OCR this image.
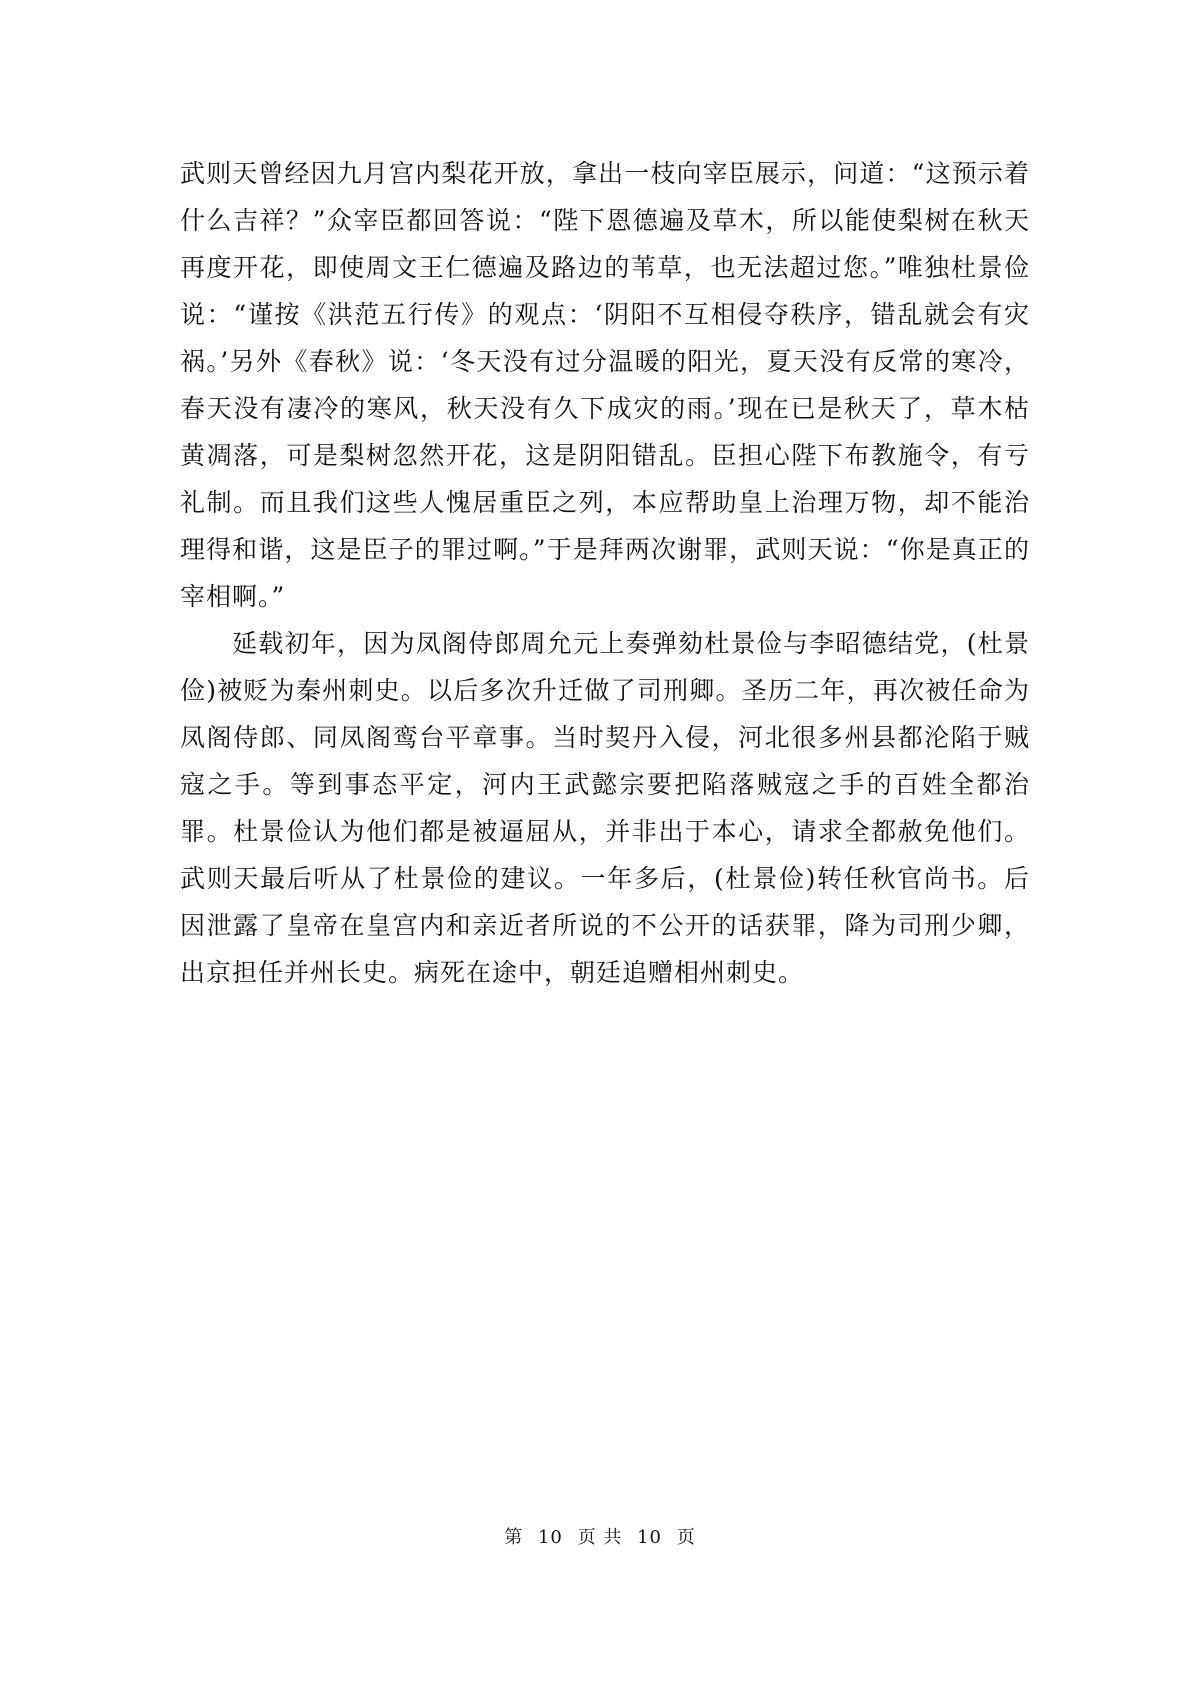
武则天曾经因九月宫内梨花开放，拿出一枝向宰臣展示，问道：“这预示着什么吉祥？”众宰臣都回答说：“陛下恩德遍及草木，所以能使梨树在秋天再度开花，即使周文王仁德遍及路边的苇草，也无法超过您。”唯独杜景俭说：“谨按《洪范五行传》的观点：‘阴阳不互相侵夺秩序，错乱就会有灾祸。’另外《春秋》说：‘冬天没有过分温暖的阳光，夏天没有反常的寒冷，春天没有凄冷的寒风，秋天没有久下成灾的雨。’现在已是秋天了，草木枯黄凋落，可是梨树忽然开花，这是阴阳错乱。臣担心陛下布教施令，有亏礼制。而且我们这些人愧居重臣之列，本应帮助皇上治理万物，却不能治理得和谐，这是臣子的罪过啊。”于是拜两次谢罪，武则天说：“你是真正的宰相啊。”

延载初年，因为凤阁侍郎周允元上奏弹劾杜景俭与李昭德结党，(杜景俭)被贬为秦州刺史。以后多次升迁做了司刑卿。圣历二年，再次被任命为凤阁侍郎、同凤阁鸾台平章事。当时契丹入侵，河北很多州县都沦陷于贼寇之手。等到事态平定，河内王武懿宗要把陷落贼寇之手的百姓全都治罪。杜景俭认为他们都是被逼屈从，并非出于本心，请求全都赦免他们。武则天最后听从了杜景俭的建议。一年多后，(杜景俭)转任秋官尚书。后因泄露了皇帝在皇宫内和亲近者所说的不公开的话获罪，降为司刑少卿，出京担任并州长史。病死在途中，朝廷追赠相州刺史。

第 10 页 共 10 页
